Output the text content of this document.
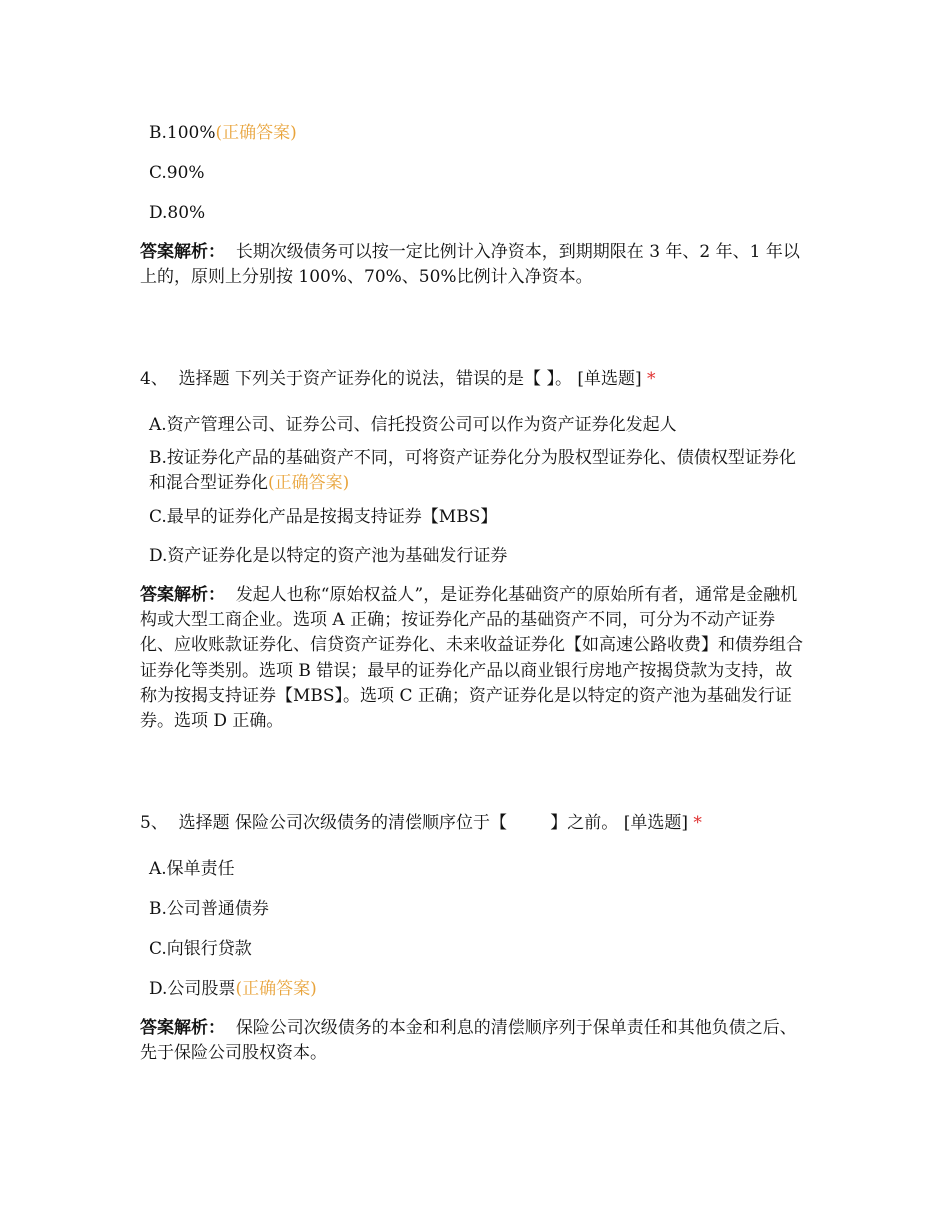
B.100%(正确答案)
C.90%
D.80%
答案解析： 长期次级债务可以按一定比例计入净资本，到期期限在 3 年、2 年、1 年以上的，原则上分别按 100%、70%、50%比例计入净资本。
4、 选择题 下列关于资产证券化的说法，错误的是【 】。 [单选题] *
A.资产管理公司、证券公司、信托投资公司可以作为资产证券化发起人
B.按证券化产品的基础资产不同，可将资产证券化分为股权型证券化、债债权型证券化和混合型证券化(正确答案)
C.最早的证券化产品是按揭支持证券【MBS】
D.资产证券化是以特定的资产池为基础发行证券
答案解析： 发起人也称“原始权益人”，是证券化基础资产的原始所有者，通常是金融机构或大型工商企业。选项 A 正确；按证券化产品的基础资产不同，可分为不动产证券化、应收账款证券化、信贷资产证券化、未来收益证券化【如高速公路收费】和债券组合证券化等类别。选项 B 错误；最早的证券化产品以商业银行房地产按揭贷款为支持，故称为按揭支持证券【MBS】。选项 C 正确；资产证券化是以特定的资产池为基础发行证券。选项 D 正确。
5、 选择题 保险公司次级债务的清偿顺序位于【        】之前。 [单选题] *
A.保单责任
B.公司普通债券
C.向银行贷款
D.公司股票(正确答案)
答案解析： 保险公司次级债务的本金和利息的清偿顺序列于保单责任和其他负债之后、先于保险公司股权资本。
